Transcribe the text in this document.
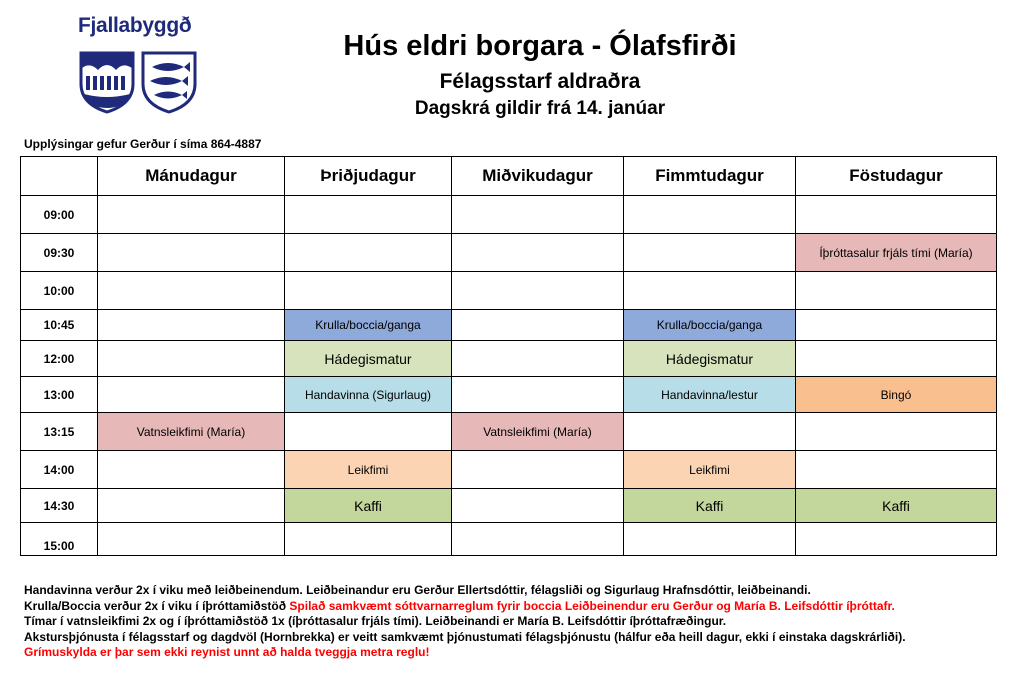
Fjallabyggð
Hús eldri borgara - Ólafsfirði
Félagsstarf aldraðra
Dagskrá gildir frá 14. janúar
Upplýsingar gefur Gerður í síma 864-4887
	Mánudagur	Þriðjudagur	Miðvikudagur	Fimmtudagur	Föstudagur
09:00					
09:30					Íþróttasalur frjáls tími (María)
10:00					
10:45		Krulla/boccia/ganga		Krulla/boccia/ganga	
12:00		Hádegismatur		Hádegismatur	
13:00		Handavinna (Sigurlaug)		Handavinna/lestur	Bingó
13:15	Vatnsleikfimi (María)		Vatnsleikfimi (María)		
14:00		Leikfimi		Leikfimi	
14:30		Kaffi		Kaffi	Kaffi
15:00					

Handavinna verður 2x í viku með leiðbeinendum. Leiðbeinandur eru Gerður Ellertsdóttir, félagsliði og Sigurlaug Hrafnsdóttir, leiðbeinandi.

Krulla/Boccia verður 2x í viku í íþróttamiðstöð Spilað samkvæmt sóttvarnarreglum fyrir boccia Leiðbeinendur eru Gerður og María B. Leifsdóttir íþróttafr.

Tímar í vatnsleikfimi 2x og í íþróttamiðstöð 1x (íþróttasalur frjáls tími). Leiðbeinandi er María B. Leifsdóttir íþróttafræðingur.

Akstursþjónusta í félagsstarf og dagdvöl (Hornbrekka) er veitt samkvæmt þjónustumati félagsþjónustu (hálfur eða heill dagur, ekki í einstaka dagskrárliði).

Grímuskylda er þar sem ekki reynist unnt að halda tveggja metra reglu!
